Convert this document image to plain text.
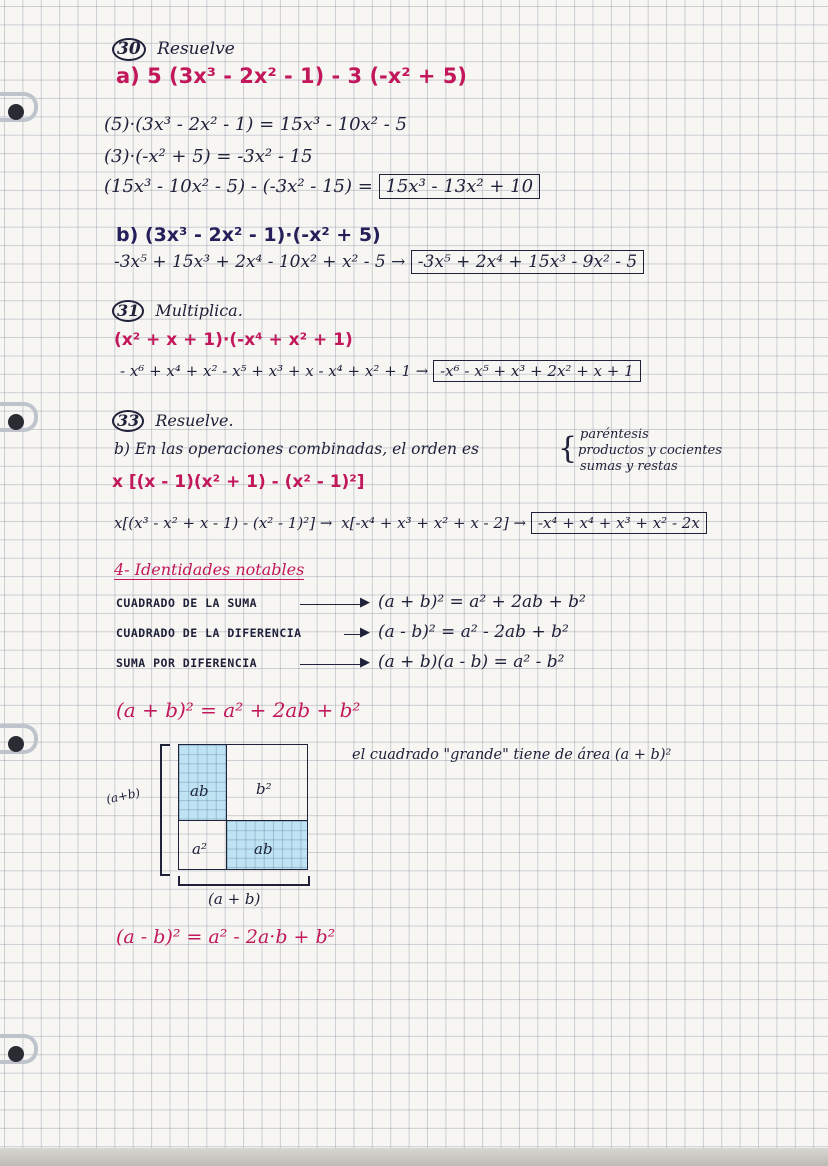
30 Resuelve
a) 5 (3x³ - 2x² - 1) - 3 (-x² + 5)
(5)·(3x³ - 2x² - 1) = 15x³ - 10x² - 5
(3)·(-x² + 5) = -3x² - 15
(15x³ - 10x² - 5) - (-3x² - 15) = 15x³ - 13x² + 10
b) (3x³ - 2x² - 1)·(-x² + 5)
-3x⁵ + 15x³ + 2x⁴ - 10x² + x² - 5 → -3x⁵ + 2x⁴ + 15x³ - 9x² - 5
31 Multiplica.
(x² + x + 1)·(-x⁴ + x² + 1)
- x⁶ + x⁴ + x² - x⁵ + x³ + x - x⁴ + x² + 1 → -x⁶ - x⁵ + x³ + 2x² + x + 1
33 Resuelve.
b) En las operaciones combinadas, el orden es	{ paréntesis
productos y cocientes
sumas y restas
x [(x - 1)(x² + 1) - (x² - 1)²]
x[(x³ - x² + x - 1) - (x² - 1)²] → x[-x⁴ + x³ + x² + x - 2] → -x⁴ + x⁴ + x³ + x² - 2x
4- Identidades notables
CUADRADO DE LA SUMA	▶ (a + b)² = a² + 2ab + b²
CUADRADO DE LA DIFERENCIA	▶ (a - b)² = a² - 2ab + b²
SUMA POR DIFERENCIA	▶ (a + b)(a - b) = a² - b²
(a + b)² = a² + 2ab + b²
el cuadrado "grande" tiene de área (a + b)²
(a+b)	ab	b²
a²	ab
(a + b)
(a - b)² = a² - 2a·b + b²
